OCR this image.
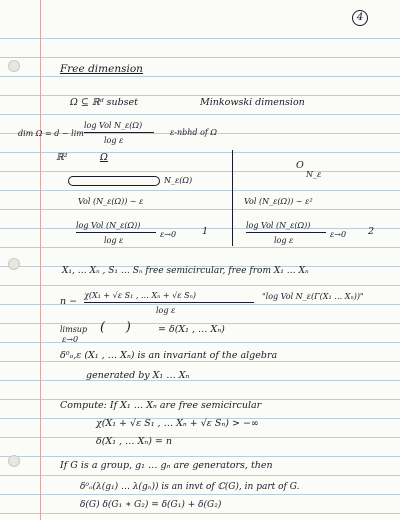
4
Free dimension
Ω ⊆ ℝᵈ subset	Minkowski dimension
dim Ω = d − lim
log Vol N_ε(Ω)
log ε
ε-nbhd of Ω
ℝ²	Ω
N_ε(Ω)
Vol (N_ε(Ω)) ∼ ε
O
N_ε
Vol (N_ε(Ω)) ∼ ε²
log Vol (N_ε(Ω))
log ε
ε→0	1
log Vol (N_ε(Ω))
log ε
ε→0 2
X₁, … Xₙ , S₁ … Sₙ free semicircular, free from X₁ … Xₙ
n −
χ(X₁ + √ε S₁ , … Xₙ + √ε Sₙ)
log ε
"log Vol N_ε(Γ(X₁ … Xₙ))"
limsup
ε→0
(     )	= δ(X₁ , … Xₙ)
δ⁰ₒ,ε (X₁ , … Xₙ) is an invariant of the algebra
generated by X₁ … Xₙ
Compute: If X₁ … Xₙ are free semicircular
χ(X₁ + √ε S₁ , … Xₙ + √ε Sₙ) > −∞
δ(X₁ , … Xₙ) = n
If G is a group, g₁ … gₙ are generators, then
δ⁰ₒ(λ(g₁) … λ(gₙ)) is an invt of ℂ(G), in part of G.
δ(G) δ(G₁ ∗ G₂) = δ(G₁) + δ(G₂)
